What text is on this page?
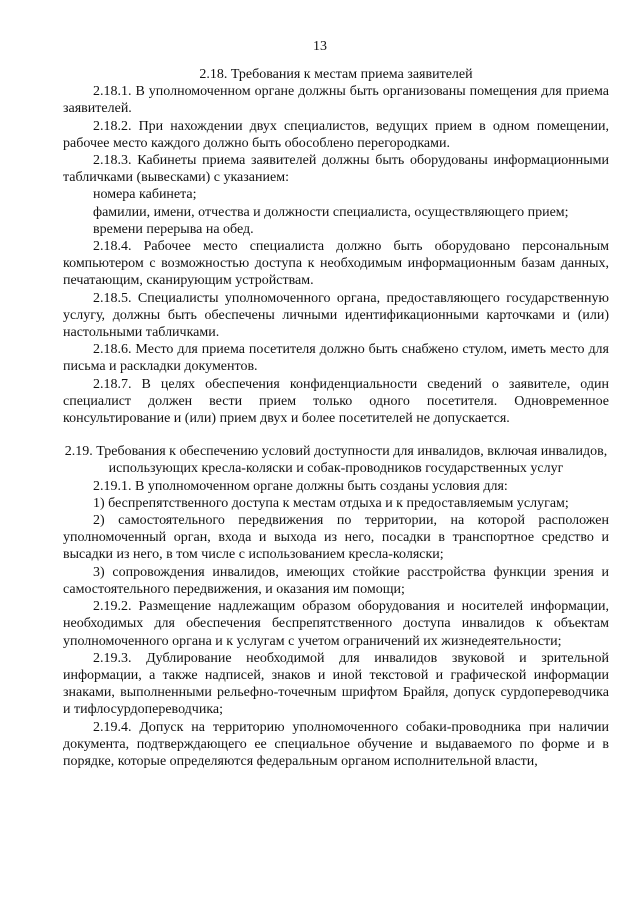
13
2.18. Требования к местам приема заявителей
2.18.1. В уполномоченном органе должны быть организованы помещения для приема заявителей.
2.18.2. При нахождении двух специалистов, ведущих прием в одном помещении, рабочее место каждого должно быть обособлено перегородками.
2.18.3. Кабинеты приема заявителей должны быть оборудованы информационными табличками (вывесками) с указанием:
номера кабинета;
фамилии, имени, отчества и должности специалиста, осуществляющего прием;
времени перерыва на обед.
2.18.4. Рабочее место специалиста должно быть оборудовано персональным компьютером с возможностью доступа к необходимым информационным базам данных, печатающим, сканирующим устройствам.
2.18.5. Специалисты уполномоченного органа, предоставляющего государственную услугу, должны быть обеспечены личными идентификационными карточками и (или) настольными табличками.
2.18.6. Место для приема посетителя должно быть снабжено стулом, иметь место для письма и раскладки документов.
2.18.7. В целях обеспечения конфиденциальности сведений о заявителе, один специалист должен вести прием только одного посетителя. Одновременное консультирование и (или) прием двух и более посетителей не допускается.
2.19. Требования к обеспечению условий доступности для инвалидов, включая инвалидов, использующих кресла-коляски и собак-проводников государственных услуг
2.19.1. В уполномоченном органе должны быть созданы условия для:
1) беспрепятственного доступа к местам отдыха и к предоставляемым услугам;
2) самостоятельного передвижения по территории, на которой расположен уполномоченный орган, входа и выхода из него, посадки в транспортное средство и высадки из него, в том числе с использованием кресла-коляски;
3) сопровождения инвалидов, имеющих стойкие расстройства функции зрения и самостоятельного передвижения, и оказания им помощи;
2.19.2. Размещение надлежащим образом оборудования и носителей информации, необходимых для обеспечения беспрепятственного доступа инвалидов к объектам уполномоченного органа и к услугам с учетом ограничений их жизнедеятельности;
2.19.3. Дублирование необходимой для инвалидов звуковой и зрительной информации, а также надписей, знаков и иной текстовой и графической информации знаками, выполненными рельефно-точечным шрифтом Брайля, допуск сурдопереводчика и тифлосурдопереводчика;
2.19.4. Допуск на территорию уполномоченного собаки-проводника при наличии документа, подтверждающего ее специальное обучение и выдаваемого по форме и в порядке, которые определяются федеральным органом исполнительной власти,
